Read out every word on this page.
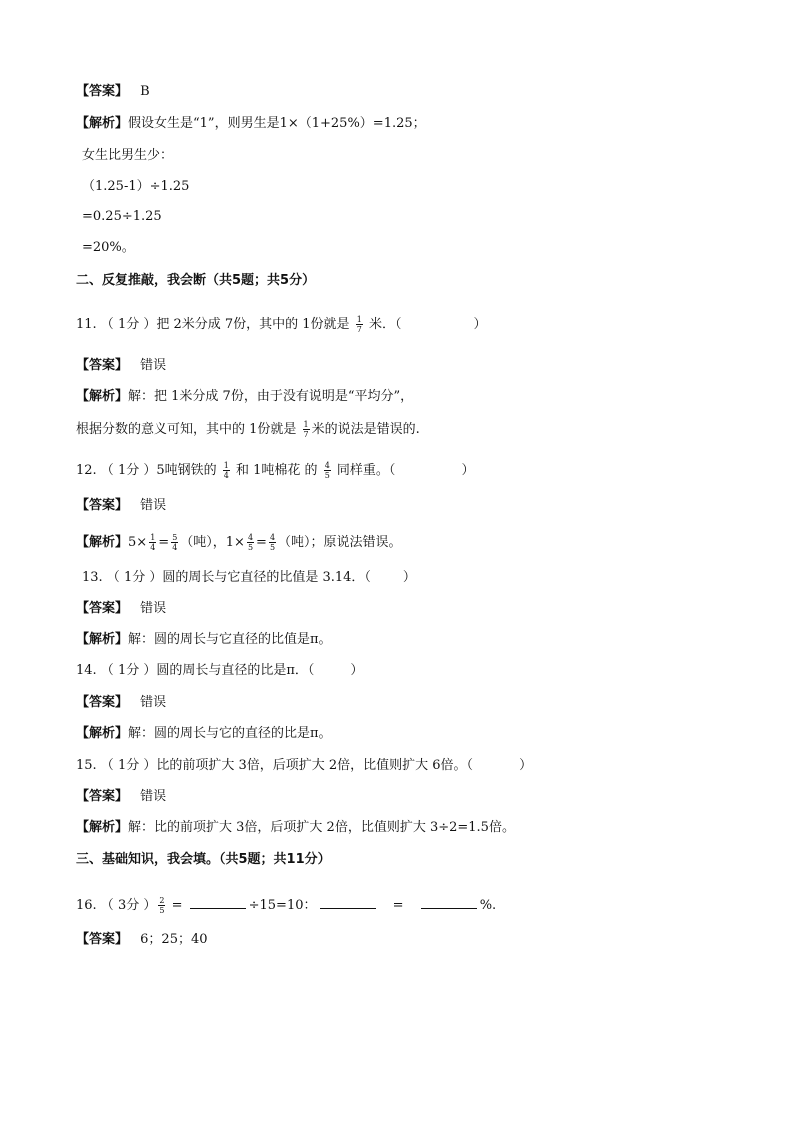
【答案】 B
【解析】假设女生是“1”，则男生是1×（1+25%）=1.25；
女生比男生少：
（1.25-1）÷1.25
=0.25÷1.25
=20%。
二、反复推敲，我会断（共5题；共5分）
11. （ 1分 ）把 2米分成 7份，其中的 1份就是 $\frac{1}{7}$ 米．（	）
【答案】 错误
【解析】解：把 1米分成 7份，由于没有说明是“平均分”，
根据分数的意义可知，其中的 1份就是 $\frac{1}{7}$ 米的说法是错误的.
12. （ 1分 ）5吨钢铁的 $\frac{1}{4}$ 和 1吨棉花 的 $\frac{4}{5}$ 同样重。（	）
【答案】 错误
【解析】$5\times \frac{1}{4} = \frac{5}{4}$ （吨），$1\times \frac{4}{5} = \frac{4}{5}$ （吨）；原说法错误。
13. （ 1分 ）圆的周长与它直径的比值是 3.14．（ ）
【答案】 错误
【解析】解：圆的周长与它直径的比值是π。
14. （ 1分 ）圆的周长与直径的比是π．（	）
【答案】 错误
【解析】解：圆的周长与它的直径的比是π。
15. （ 1分 ）比的前项扩大 3倍，后项扩大 2倍，比值则扩大 6倍。（	）
【答案】 错误
【解析】解：比的前项扩大 3倍，后项扩大 2倍，比值则扩大 3÷2=1.5倍。
三、基础知识，我会填。（共5题；共11分）
16. （ 3分 ） $\frac{2}{5}$ =	÷15=10：	=	%.
【答案】 6；25；40
